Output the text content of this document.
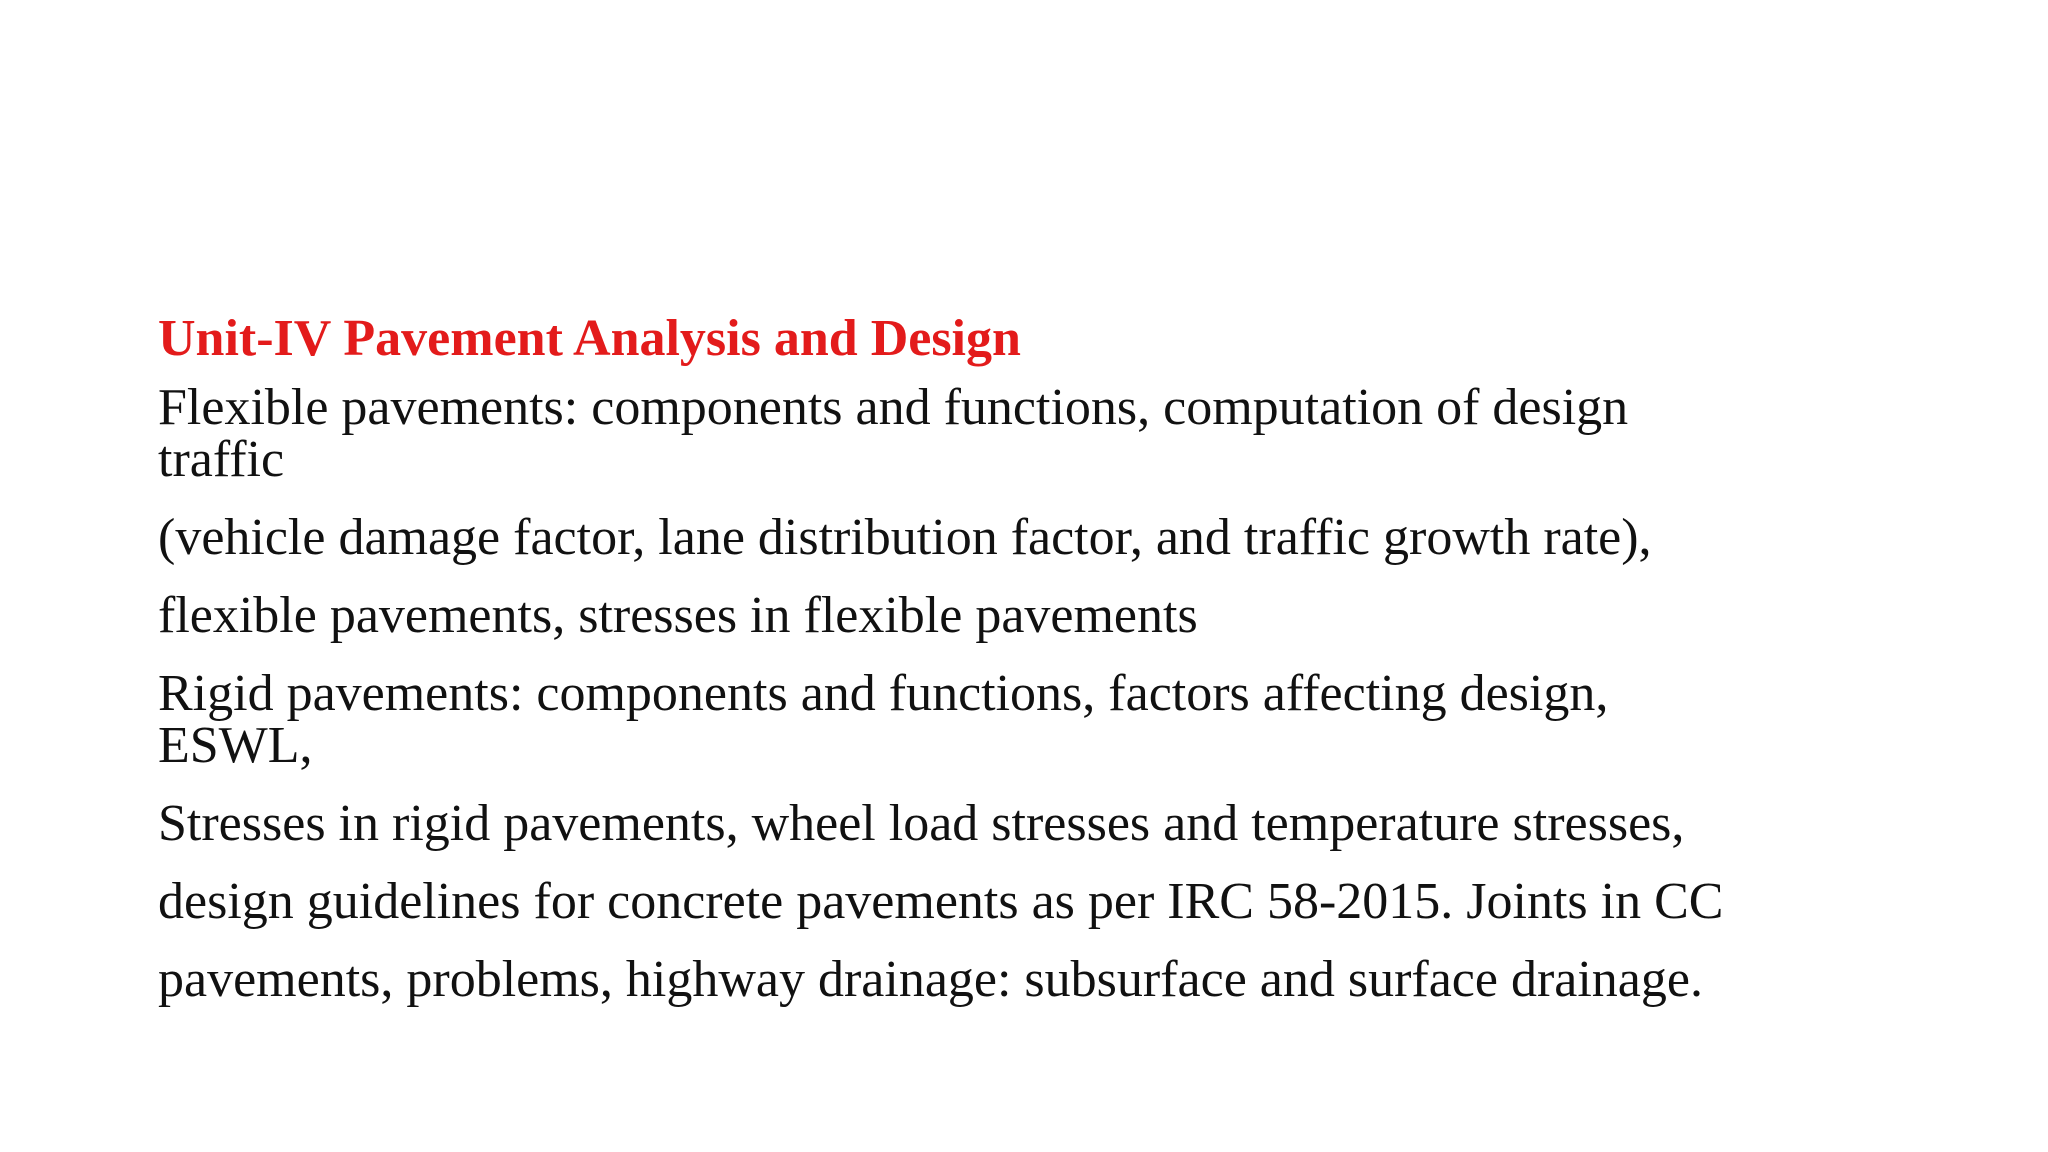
Unit-IV Pavement Analysis and Design
Flexible pavements: components and functions, computation of design
traffic
(vehicle damage factor, lane distribution factor, and traffic growth rate),
flexible pavements, stresses in flexible pavements
Rigid pavements: components and functions, factors affecting design,
ESWL,
Stresses in rigid pavements, wheel load stresses and temperature stresses,
design guidelines for concrete pavements as per IRC 58-2015. Joints in CC
pavements, problems, highway drainage: subsurface and surface drainage.
